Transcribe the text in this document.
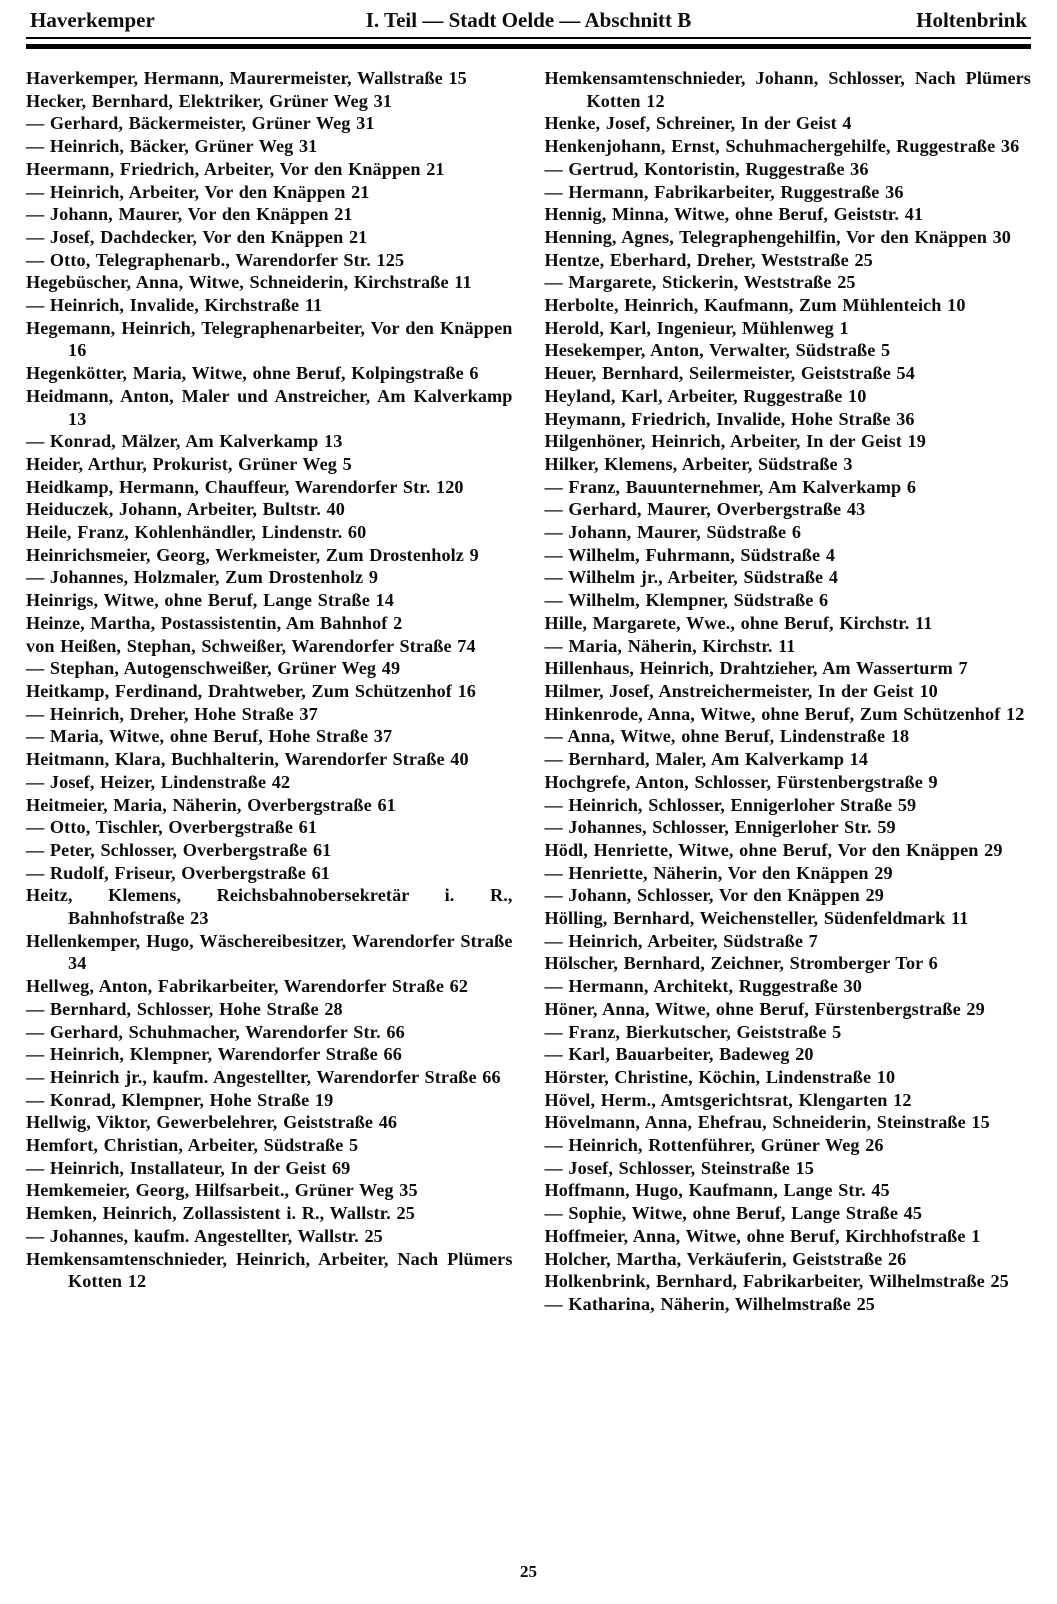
Haverkemper	I. Teil — Stadt Oelde — Abschnitt B	Holtenbrink

Haverkemper, Hermann, Maurermeister, Wallstraße 15

Hecker, Bernhard, Elektriker, Grüner Weg 31

— Gerhard, Bäckermeister, Grüner Weg 31

— Heinrich, Bäcker, Grüner Weg 31

Heermann, Friedrich, Arbeiter, Vor den Knäppen 21

— Heinrich, Arbeiter, Vor den Knäppen 21

— Johann, Maurer, Vor den Knäppen 21

— Josef, Dachdecker, Vor den Knäppen 21

— Otto, Telegraphenarb., Warendorfer Str. 125

Hegebüscher, Anna, Witwe, Schneiderin, Kirchstraße 11

— Heinrich, Invalide, Kirchstraße 11

Hegemann, Heinrich, Telegraphenarbeiter, Vor den Knäppen 16

Hegenkötter, Maria, Witwe, ohne Beruf, Kolpingstraße 6

Heidmann, Anton, Maler und Anstreicher, Am Kalverkamp 13

— Konrad, Mälzer, Am Kalverkamp 13

Heider, Arthur, Prokurist, Grüner Weg 5

Heidkamp, Hermann, Chauffeur, Warendorfer Str. 120

Heiduczek, Johann, Arbeiter, Bultstr. 40

Heile, Franz, Kohlenhändler, Lindenstr. 60

Heinrichsmeier, Georg, Werkmeister, Zum Drostenholz 9

— Johannes, Holzmaler, Zum Drostenholz 9

Heinrigs, Witwe, ohne Beruf, Lange Straße 14

Heinze, Martha, Postassistentin, Am Bahnhof 2

von Heißen, Stephan, Schweißer, Warendorfer Straße 74

— Stephan, Autogenschweißer, Grüner Weg 49

Heitkamp, Ferdinand, Drahtweber, Zum Schützenhof 16

— Heinrich, Dreher, Hohe Straße 37

— Maria, Witwe, ohne Beruf, Hohe Straße 37

Heitmann, Klara, Buchhalterin, Warendorfer Straße 40

— Josef, Heizer, Lindenstraße 42

Heitmeier, Maria, Näherin, Overbergstraße 61

— Otto, Tischler, Overbergstraße 61

— Peter, Schlosser, Overbergstraße 61

— Rudolf, Friseur, Overbergstraße 61

Heitz, Klemens, Reichsbahnobersekretär i. R., Bahnhofstraße 23

Hellenkemper, Hugo, Wäschereibesitzer, Warendorfer Straße 34

Hellweg, Anton, Fabrikarbeiter, Warendorfer Straße 62

— Bernhard, Schlosser, Hohe Straße 28

— Gerhard, Schuhmacher, Warendorfer Str. 66

— Heinrich, Klempner, Warendorfer Straße 66

— Heinrich jr., kaufm. Angestellter, Warendorfer Straße 66

— Konrad, Klempner, Hohe Straße 19

Hellwig, Viktor, Gewerbelehrer, Geiststraße 46

Hemfort, Christian, Arbeiter, Südstraße 5

— Heinrich, Installateur, In der Geist 69

Hemkemeier, Georg, Hilfsarbeit., Grüner Weg 35

Hemken, Heinrich, Zollassistent i. R., Wallstr. 25

— Johannes, kaufm. Angestellter, Wallstr. 25

Hemkensamtenschnieder, Heinrich, Arbeiter, Nach Plümers Kotten 12

Hemkensamtenschnieder, Johann, Schlosser, Nach Plümers Kotten 12

Henke, Josef, Schreiner, In der Geist 4

Henkenjohann, Ernst, Schuhmachergehilfe, Ruggestraße 36

— Gertrud, Kontoristin, Ruggestraße 36

— Hermann, Fabrikarbeiter, Ruggestraße 36

Hennig, Minna, Witwe, ohne Beruf, Geiststr. 41

Henning, Agnes, Telegraphengehilfin, Vor den Knäppen 30

Hentze, Eberhard, Dreher, Weststraße 25

— Margarete, Stickerin, Weststraße 25

Herbolte, Heinrich, Kaufmann, Zum Mühlenteich 10

Herold, Karl, Ingenieur, Mühlenweg 1

Hesekemper, Anton, Verwalter, Südstraße 5

Heuer, Bernhard, Seilermeister, Geiststraße 54

Heyland, Karl, Arbeiter, Ruggestraße 10

Heymann, Friedrich, Invalide, Hohe Straße 36

Hilgenhöner, Heinrich, Arbeiter, In der Geist 19

Hilker, Klemens, Arbeiter, Südstraße 3

— Franz, Bauunternehmer, Am Kalverkamp 6

— Gerhard, Maurer, Overbergstraße 43

— Johann, Maurer, Südstraße 6

— Wilhelm, Fuhrmann, Südstraße 4

— Wilhelm jr., Arbeiter, Südstraße 4

— Wilhelm, Klempner, Südstraße 6

Hille, Margarete, Wwe., ohne Beruf, Kirchstr. 11

— Maria, Näherin, Kirchstr. 11

Hillenhaus, Heinrich, Drahtzieher, Am Wasserturm 7

Hilmer, Josef, Anstreichermeister, In der Geist 10

Hinkenrode, Anna, Witwe, ohne Beruf, Zum Schützenhof 12

— Anna, Witwe, ohne Beruf, Lindenstraße 18

— Bernhard, Maler, Am Kalverkamp 14

Hochgrefe, Anton, Schlosser, Fürstenbergstraße 9

— Heinrich, Schlosser, Ennigerloher Straße 59

— Johannes, Schlosser, Ennigerloher Str. 59

Hödl, Henriette, Witwe, ohne Beruf, Vor den Knäppen 29

— Henriette, Näherin, Vor den Knäppen 29

— Johann, Schlosser, Vor den Knäppen 29

Hölling, Bernhard, Weichensteller, Südenfeldmark 11

— Heinrich, Arbeiter, Südstraße 7

Hölscher, Bernhard, Zeichner, Stromberger Tor 6

— Hermann, Architekt, Ruggestraße 30

Höner, Anna, Witwe, ohne Beruf, Fürstenbergstraße 29

— Franz, Bierkutscher, Geiststraße 5

— Karl, Bauarbeiter, Badeweg 20

Hörster, Christine, Köchin, Lindenstraße 10

Hövel, Herm., Amtsgerichtsrat, Klengarten 12

Hövelmann, Anna, Ehefrau, Schneiderin, Steinstraße 15

— Heinrich, Rottenführer, Grüner Weg 26

— Josef, Schlosser, Steinstraße 15

Hoffmann, Hugo, Kaufmann, Lange Str. 45

— Sophie, Witwe, ohne Beruf, Lange Straße 45

Hoffmeier, Anna, Witwe, ohne Beruf, Kirchhofstraße 1

Holcher, Martha, Verkäuferin, Geiststraße 26

Holkenbrink, Bernhard, Fabrikarbeiter, Wilhelmstraße 25

— Katharina, Näherin, Wilhelmstraße 25

25
